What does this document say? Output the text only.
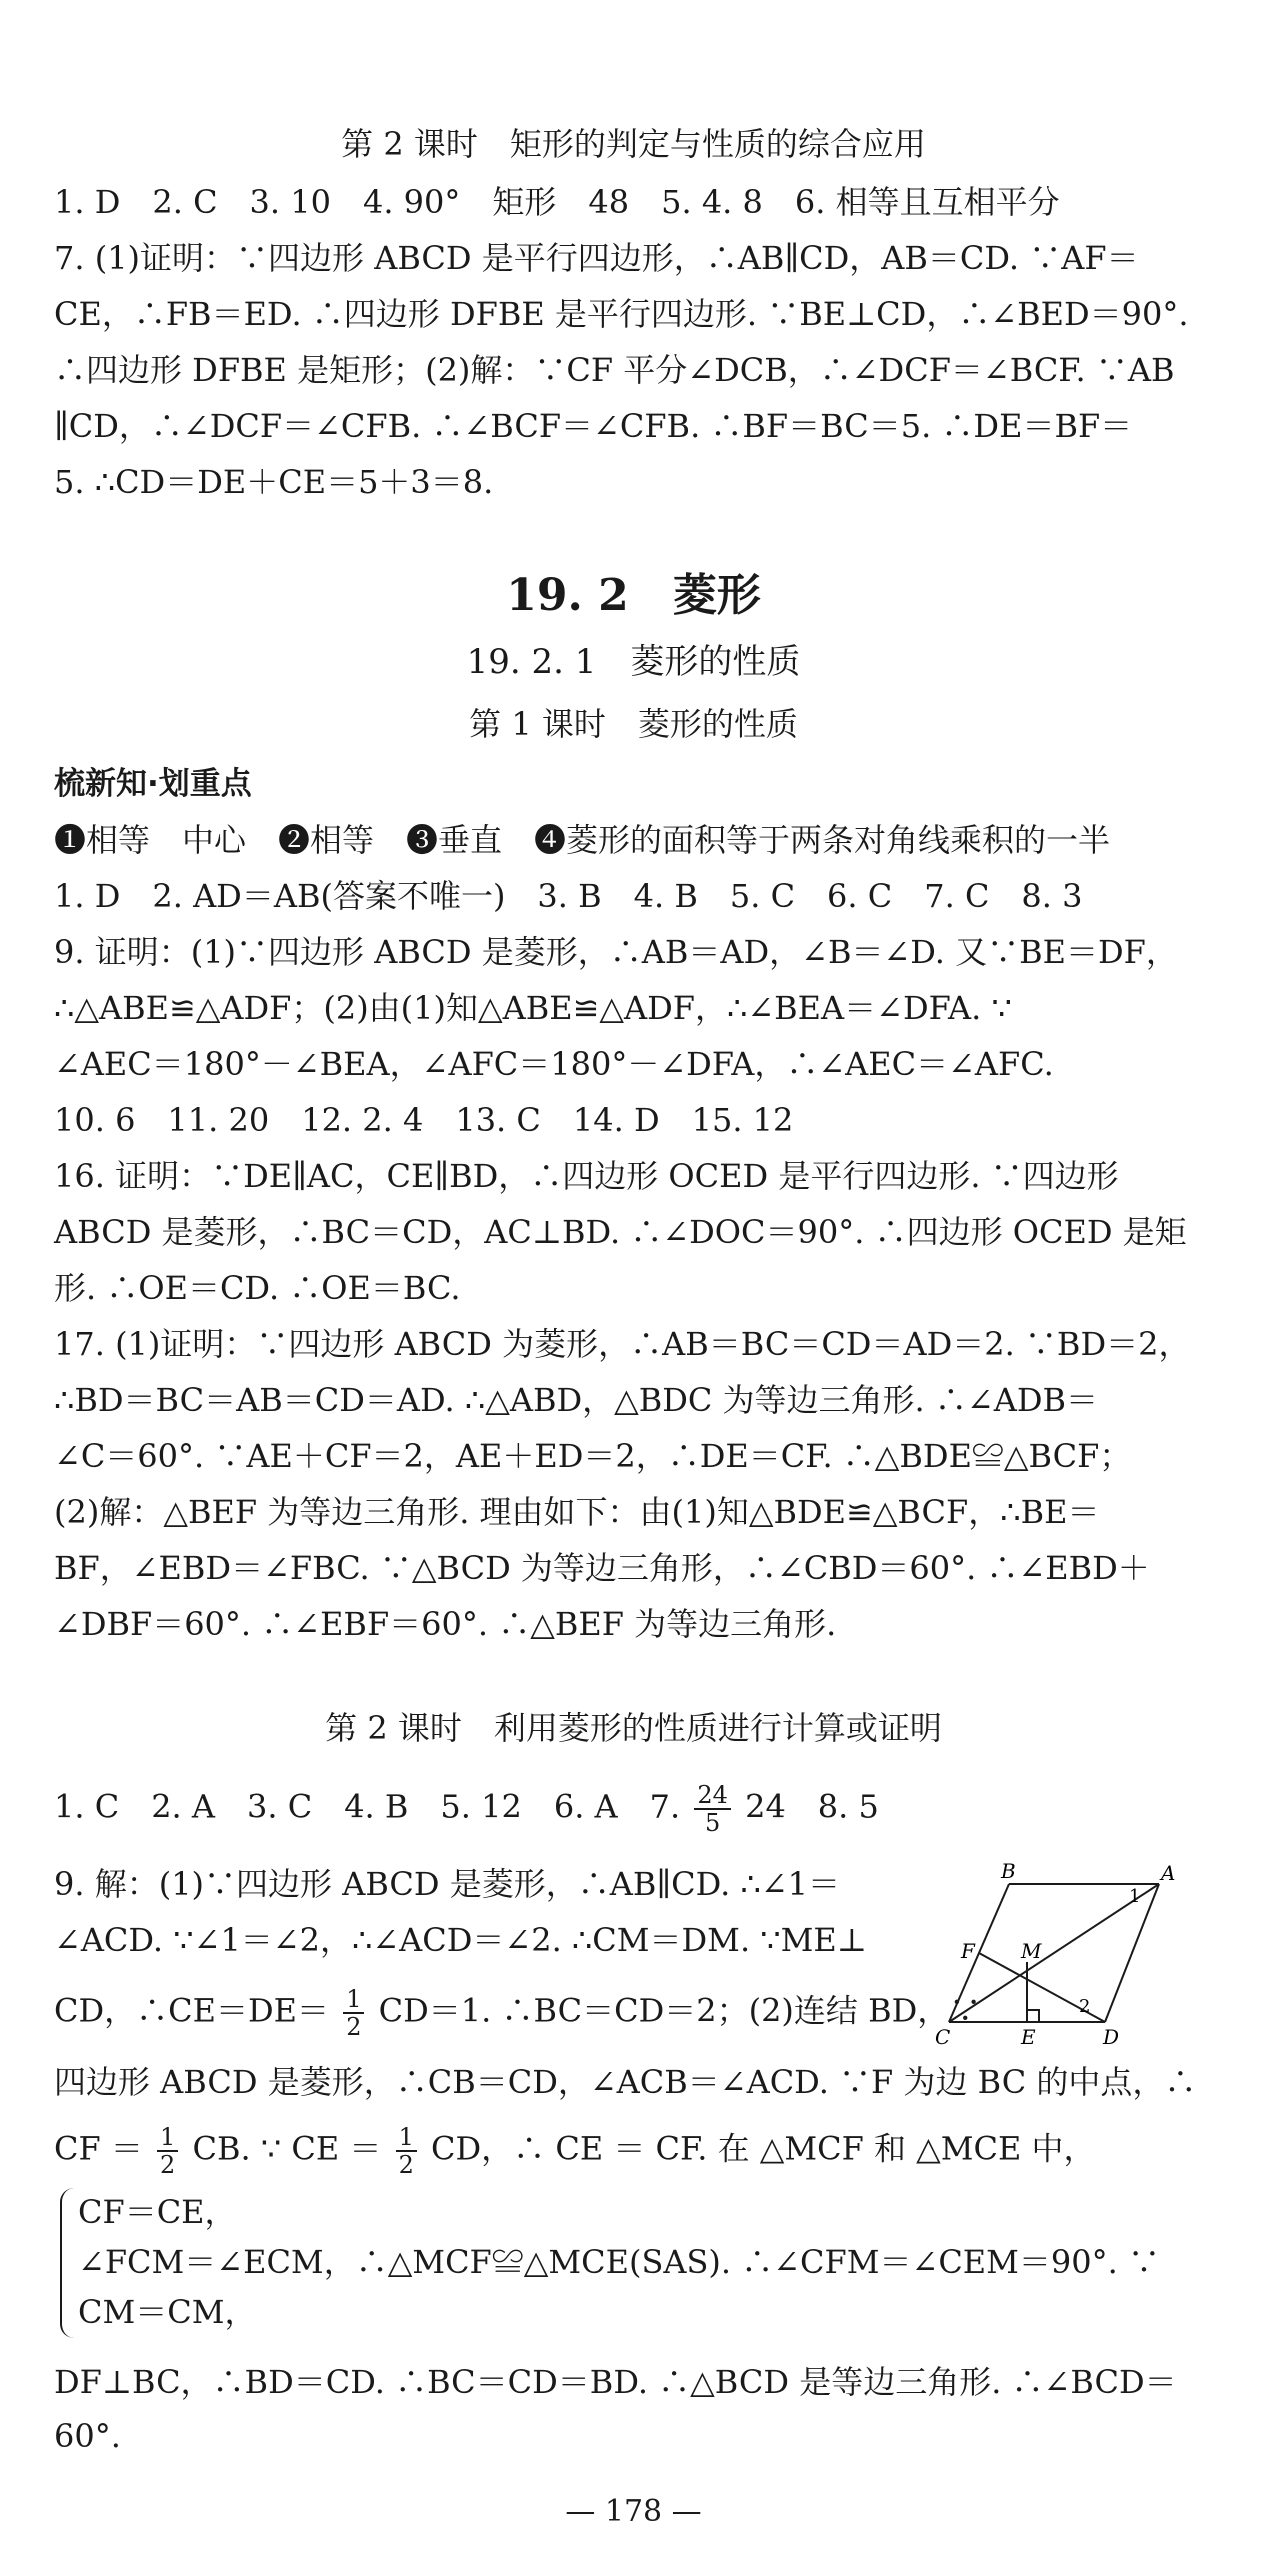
第 2 课时　矩形的判定与性质的综合应用
1. D　2. C　3. 10　4. 90°　矩形　48　5. 4. 8　6. 相等且互相平分
7. (1)证明：∵四边形 ABCD 是平行四边形，∴AB∥CD，AB＝CD. ∵AF＝
CE，∴FB＝ED. ∴四边形 DFBE 是平行四边形. ∵BE⊥CD，∴∠BED＝90°.
∴四边形 DFBE 是矩形；(2)解：∵CF 平分∠DCB，∴∠DCF＝∠BCF. ∵AB
∥CD，∴∠DCF＝∠CFB. ∴∠BCF＝∠CFB. ∴BF＝BC＝5. ∴DE＝BF＝
5. ∴CD＝DE＋CE＝5＋3＝8.
19. 2　菱形
19. 2. 1　菱形的性质
第 1 课时　菱形的性质
梳新知·划重点
❶相等　中心　❷相等　❸垂直　❹菱形的面积等于两条对角线乘积的一半
1. D　2. AD＝AB(答案不唯一)　3. B　4. B　5. C　6. C　7. C　8. 3
9. 证明：(1)∵四边形 ABCD 是菱形，∴AB＝AD，∠B＝∠D. 又∵BE＝DF，
∴△ABE≌△ADF；(2)由(1)知△ABE≌△ADF，∴∠BEA＝∠DFA. ∵
∠AEC＝180°－∠BEA，∠AFC＝180°－∠DFA，∴∠AEC＝∠AFC.
10. 6　11. 20　12. 2. 4　13. C　14. D　15. 12
16. 证明：∵DE∥AC，CE∥BD，∴四边形 OCED 是平行四边形. ∵四边形
ABCD 是菱形，∴BC＝CD，AC⊥BD. ∴∠DOC＝90°. ∴四边形 OCED 是矩
形. ∴OE＝CD. ∴OE＝BC.
17. (1)证明：∵四边形 ABCD 为菱形，∴AB＝BC＝CD＝AD＝2. ∵BD＝2，
∴BD＝BC＝AB＝CD＝AD. ∴△ABD，△BDC 为等边三角形. ∴∠ADB＝
∠C＝60°. ∵AE＋CF＝2，AE＋ED＝2，∴DE＝CF. ∴△BDE≌△BCF；
(2)解：△BEF 为等边三角形. 理由如下：由(1)知△BDE≌△BCF，∴BE＝
BF，∠EBD＝∠FBC. ∵△BCD 为等边三角形，∴∠CBD＝60°. ∴∠EBD＋
∠DBF＝60°. ∴∠EBF＝60°. ∴△BEF 为等边三角形.
第 2 课时　利用菱形的性质进行计算或证明
1. C　2. A　3. C　4. B　5. 12　6. A　7. $\frac{24}{5} 24$　8. 5
9. 解：(1)∵四边形 ABCD 是菱形，∴AB∥CD. ∴∠1＝
∠ACD. ∵∠1＝∠2，∴∠ACD＝∠2. ∴CM＝DM. ∵ME⊥
CD，∴CE＝DE＝ $\frac{1}{2} CD=1$. ∴BC＝CD＝2；(2)连结 BD，∵
四边形 ABCD 是菱形，∴CB＝CD，∠ACB＝∠ACD. ∵F 为边 BC 的中点，∴
CF ＝ $\frac{1}{2}$ CB. ∵ CE ＝ $\frac{1}{2}$ CD，∴ CE ＝ CF. 在 △MCF 和 △MCE 中，
CF＝CE，
∠FCM＝∠ECM，∴△MCF≌△MCE(SAS). ∴∠CFM＝∠CEM＝90°. ∵
CM＝CM，
DF⊥BC，∴BD＝CD. ∴BC＝CD＝BD. ∴△BCD 是等边三角形. ∴∠BCD＝
60°.
B	A
F M
C	E	D
1
2
— 178 —
